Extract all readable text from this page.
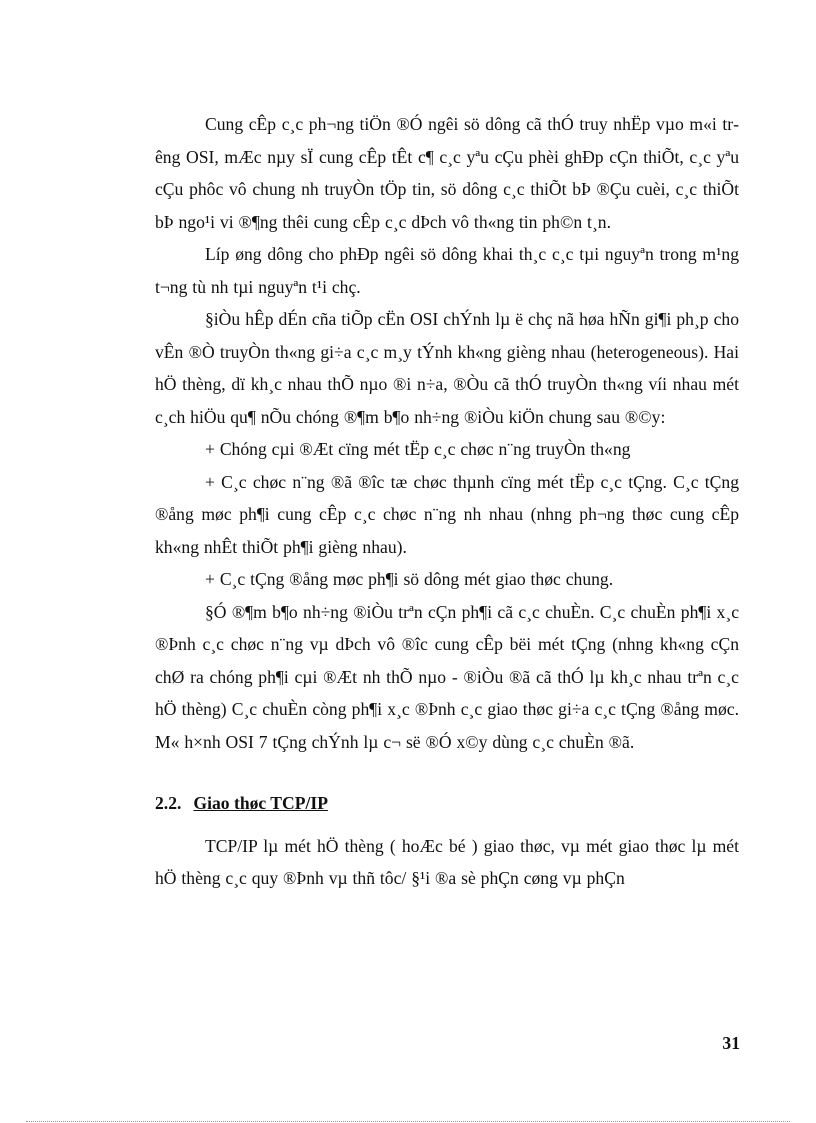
Cung cÊp c¸c ph¬ng tiÖn ®Ó ngêi sö dông cã thÓ truy nhËp vµo m«i trêng OSI, mÆc nµy sÏ cung cÊp tÊt c¶ c¸c yªu cÇu phèi ghÐp cÇn thiÕt, c¸c yªu cÇu phôc vô chung nh truyÒn tÖp tin, sö dông c¸c thiÕt bÞ ®Çu cuèi, c¸c thiÕt bÞ ngo¹i vi ®¶ng thêi cung cÊp c¸c dÞch vô th«ng tin ph©n t¸n.

Líp øng dông cho phÐp ngêi sö dông khai th¸c c¸c tµi nguyªn trong m¹ng t¬ng tù nh tµi nguyªn t¹i chç.

§iÒu hÊp dÉn cña tiÕp cËn OSI chÝnh lµ ë chç nã høa hÑn gi¶i ph¸p cho vÊn ®Ò truyÒn th«ng gi÷a c¸c m¸y tÝnh kh«ng gièng nhau (heterogeneous). Hai hÖ thèng, dï kh¸c nhau thÕ nµo ®i n÷a, ®Òu cã thÓ truyÒn th«ng víi nhau mét c¸ch hiÖu qu¶ nÕu chóng ®¶m b¶o nh÷ng ®iÒu kiÖn chung sau ®©y:

+ Chóng cµi ®Æt cïng mét tËp c¸c chøc n¨ng truyÒn th«ng

+ C¸c chøc n¨ng ®ã ®îc tæ chøc thµnh cïng mét tËp c¸c tÇng. C¸c tÇng ®ång møc ph¶i cung cÊp c¸c chøc n¨ng nh nhau (nhng ph¬ng thøc cung cÊp kh«ng nhÊt thiÕt ph¶i gièng nhau).

+ C¸c tÇng ®ång møc ph¶i sö dông mét giao thøc chung.

§Ó ®¶m b¶o nh÷ng ®iÒu trªn cÇn ph¶i cã c¸c chuÈn. C¸c chuÈn ph¶i x¸c ®Þnh c¸c chøc n¨ng vµ dÞch vô ®îc cung cÊp bëi mét tÇng (nhng kh«ng cÇn chØ ra chóng ph¶i cµi ®Æt nh thÕ nµo - ®iÒu ®ã cã thÓ lµ kh¸c nhau trªn c¸c hÖ thèng) C¸c chuÈn còng ph¶i x¸c ®Þnh c¸c giao thøc gi÷a c¸c tÇng ®ång møc. M« h×nh OSI 7 tÇng chÝnh lµ c¬ së ®Ó x©y dùng c¸c chuÈn ®ã.

2.2. Giao thøc TCP/IP

TCP/IP lµ mét hÖ thèng ( hoÆc bé ) giao thøc, vµ mét giao thøc lµ mét hÖ thèng c¸c quy ®Þnh vµ thñ tôc/ §¹i ®a sè phÇn cøng vµ phÇn

31
